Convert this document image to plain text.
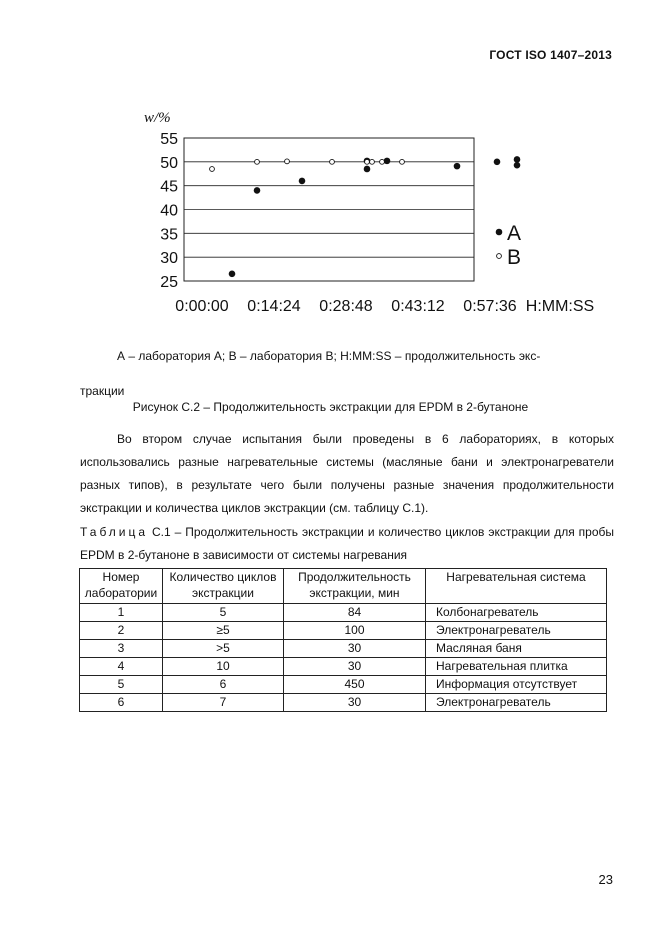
ГОСТ ISO 1407–2013
25
30
35
40
45
50
55
w/%
0:00:00 0:14:24 0:28:48 0:43:12 0:57:36 H:MM:SS
A
B

А – лаборатория А; В – лаборатория В; Н:ММ:SS – продолжительность экс-

тракции

Рисунок С.2 – Продолжительность экстракции для EPDM в 2-бутаноне

Во втором случае испытания были проведены в 6 лабораториях, в которых использовались разные нагревательные системы (масляные бани и электронагреватели разных типов), в результате чего были получены разные значения продолжительности экстракции и количества циклов экстракции (см. таблицу С.1).

Таблица С.1 – Продолжительность экстракции и количество циклов экстракции для пробы EPDM в 2-бутаноне в зависимости от системы нагревания
Номер лаборатории	Количество циклов экстракции	Продолжительность экстракции, мин	Нагревательная система
1	5	84	Колбонагреватель
2	≥5	100	Электронагреватель
3	>5	30	Масляная баня
4	10	30	Нагревательная плитка
5	6	450	Информация отсутствует
6	7	30	Электронагреватель
23
